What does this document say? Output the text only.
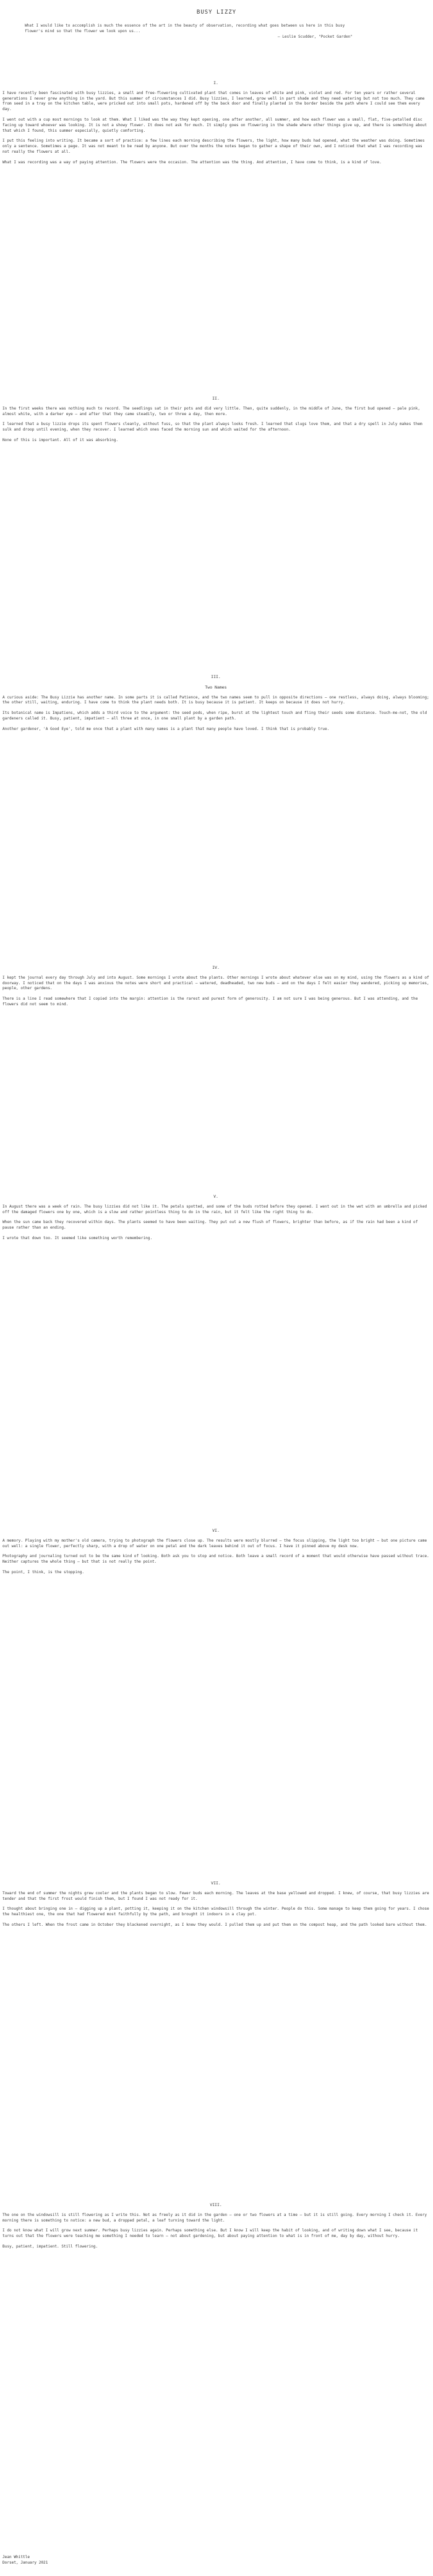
BUSY LIZZY
What I would like to accomplish is much the essence of the art in the beauty of observation, recording what goes between us here in this busy flower's mind so that the flower we look upon us...
— Leslie Scudder, "Pocket Garden"
I.

I have recently been fascinated with busy lizzies, a small and free-flowering cultivated plant that comes in leaves of white and pink, violet and red. For ten years or rather several generations I never grew anything in the yard. But this summer of circumstances I did. Busy lizzies, I learned, grow well in part shade and they need watering but not too much. They came from seed in a tray on the kitchen table, were pricked out into small pots, hardened off by the back door and finally planted in the border beside the path where I could see them every day.

I went out with a cup most mornings to look at them. What I liked was the way they kept opening, one after another, all summer, and how each flower was a small, flat, five-petalled disc facing up toward whoever was looking. It is not a showy flower. It does not ask for much. It simply goes on flowering in the shade where other things give up, and there is something about that which I found, this summer especially, quietly comforting.

I put this feeling into writing. It became a sort of practice: a few lines each morning describing the flowers, the light, how many buds had opened, what the weather was doing. Sometimes only a sentence. Sometimes a page. It was not meant to be read by anyone. But over the months the notes began to gather a shape of their own, and I noticed that what I was recording was not really the flowers at all.

What I was recording was a way of paying attention. The flowers were the occasion. The attention was the thing. And attention, I have come to think, is a kind of love.

II.

In the first weeks there was nothing much to record. The seedlings sat in their pots and did very little. Then, quite suddenly, in the middle of June, the first bud opened — pale pink, almost white, with a darker eye — and after that they came steadily, two or three a day, then more.

I learned that a busy lizzie drops its spent flowers cleanly, without fuss, so that the plant always looks fresh. I learned that slugs love them, and that a dry spell in July makes them sulk and droop until evening, when they recover. I learned which ones faced the morning sun and which waited for the afternoon.

None of this is important. All of it was absorbing.

III.
Two Names

A curious aside: The Busy Lizzie has another name. In some parts it is called Patience, and the two names seem to pull in opposite directions — one restless, always doing, always blooming; the other still, waiting, enduring. I have come to think the plant needs both. It is busy because it is patient. It keeps on because it does not hurry.

Its botanical name is Impatiens, which adds a third voice to the argument: the seed pods, when ripe, burst at the lightest touch and fling their seeds some distance. Touch-me-not, the old gardeners called it. Busy, patient, impatient — all three at once, in one small plant by a garden path.

Another gardener, 'A Good Eye', told me once that a plant with many names is a plant that many people have loved. I think that is probably true.

IV.

I kept the journal every day through July and into August. Some mornings I wrote about the plants. Other mornings I wrote about whatever else was on my mind, using the flowers as a kind of doorway. I noticed that on the days I was anxious the notes were short and practical — watered, deadheaded, two new buds — and on the days I felt easier they wandered, picking up memories, people, other gardens.

There is a line I read somewhere that I copied into the margin: attention is the rarest and purest form of generosity. I am not sure I was being generous. But I was attending, and the flowers did not seem to mind.

V.

In August there was a week of rain. The busy lizzies did not like it. The petals spotted, and some of the buds rotted before they opened. I went out in the wet with an umbrella and picked off the damaged flowers one by one, which is a slow and rather pointless thing to do in the rain, but it felt like the right thing to do.

When the sun came back they recovered within days. The plants seemed to have been waiting. They put out a new flush of flowers, brighter than before, as if the rain had been a kind of pause rather than an ending.

I wrote that down too. It seemed like something worth remembering.

VI.

A memory. Playing with my mother's old camera, trying to photograph the flowers close up. The results were mostly blurred — the focus slipping, the light too bright — but one picture came out well: a single flower, perfectly sharp, with a drop of water on one petal and the dark leaves behind it out of focus. I have it pinned above my desk now.

Photography and journaling turned out to be the same kind of looking. Both ask you to stop and notice. Both leave a small record of a moment that would otherwise have passed without trace. Neither captures the whole thing — but that is not really the point.

The point, I think, is the stopping.

VII.

Toward the end of summer the nights grew cooler and the plants began to slow. Fewer buds each morning. The leaves at the base yellowed and dropped. I knew, of course, that busy lizzies are tender and that the first frost would finish them, but I found I was not ready for it.

I thought about bringing one in — digging up a plant, potting it, keeping it on the kitchen windowsill through the winter. People do this. Some manage to keep them going for years. I chose the healthiest one, the one that had flowered most faithfully by the path, and brought it indoors in a clay pot.

The others I left. When the frost came in October they blackened overnight, as I knew they would. I pulled them up and put them on the compost heap, and the path looked bare without them.

VIII.

The one on the windowsill is still flowering as I write this. Not as freely as it did in the garden — one or two flowers at a time — but it is still going. Every morning I check it. Every morning there is something to notice: a new bud, a dropped petal, a leaf turning toward the light.

I do not know what I will grow next summer. Perhaps busy lizzies again. Perhaps something else. But I know I will keep the habit of looking, and of writing down what I see, because it turns out that the flowers were teaching me something I needed to learn — not about gardening, but about paying attention to what is in front of me, day by day, without hurry.

Busy, patient, impatient. Still flowering.

Jean Whittle
Dorset, January 2021
